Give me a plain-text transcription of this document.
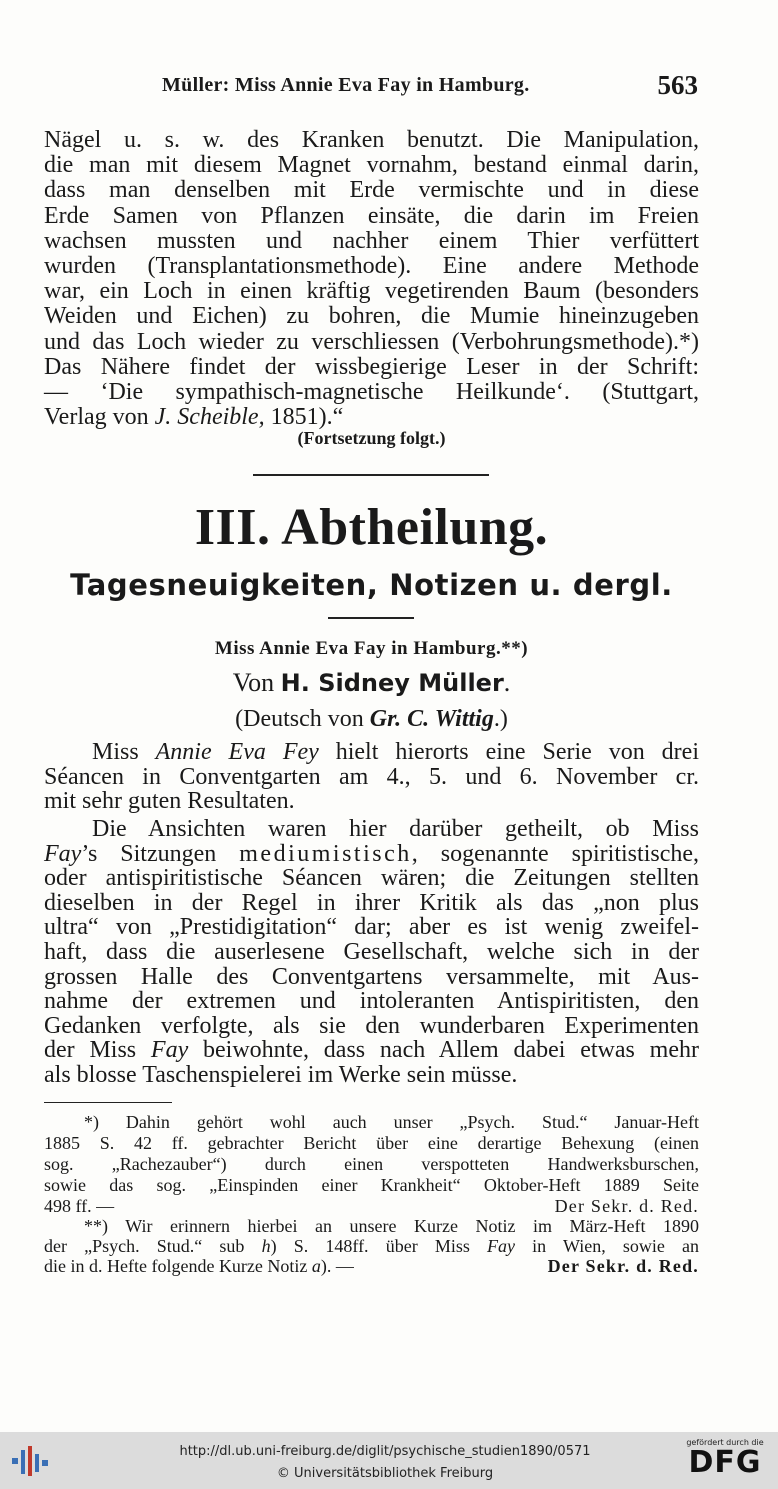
Müller: Miss Annie Eva Fay in Hamburg.	563
Nägel u. s. w. des Kranken benutzt. Die Manipulation,
die man mit diesem Magnet vornahm, bestand einmal darin,
dass man denselben mit Erde vermischte und in diese
Erde Samen von Pflanzen einsäte, die darin im Freien
wachsen mussten und nachher einem Thier verfüttert
wurden (Transplantationsmethode). Eine andere Methode
war, ein Loch in einen kräftig vegetirenden Baum (besonders
Weiden und Eichen) zu bohren, die Mumie hineinzugeben
und das Loch wieder zu verschliessen (Verbohrungsmethode).*)
Das Nähere findet der wissbegierige Leser in der Schrift:
— ‘Die sympathisch-magnetische Heilkunde‘. (Stuttgart,
Verlag von J. Scheible, 1851).“
(Fortsetzung folgt.)
III. Abtheilung.
Tagesneuigkeiten, Notizen u. dergl.
Miss Annie Eva Fay in Hamburg.**)
Von H. Sidney Müller.
(Deutsch von Gr. C. Wittig.)
Miss Annie Eva Fey hielt hierorts eine Serie von drei
Séancen in Conventgarten am 4., 5. und 6. November cr.
mit sehr guten Resultaten.
Die Ansichten waren hier darüber getheilt, ob Miss
Fay’s Sitzungen mediumistisch, sogenannte spiritistische,
oder antispiritistische Séancen wären; die Zeitungen stellten
dieselben in der Regel in ihrer Kritik als das „non plus
ultra“ von „Prestidigitation“ dar; aber es ist wenig zweifel-
haft, dass die auserlesene Gesellschaft, welche sich in der
grossen Halle des Conventgartens versammelte, mit Aus-
nahme der extremen und intoleranten Antispiritisten, den
Gedanken verfolgte, als sie den wunderbaren Experimenten
der Miss Fay beiwohnte, dass nach Allem dabei etwas mehr
als blosse Taschenspielerei im Werke sein müsse.
*) Dahin gehört wohl auch unser „Psych. Stud.“ Januar-Heft
1885 S. 42 ff. gebrachter Bericht über eine derartige Behexung (einen
sog. „Rachezauber“) durch einen verspotteten Handwerksburschen,
sowie das sog. „Einspinden einer Krankheit“ Oktober-Heft 1889 Seite
498 ff. —	Der Sekr. d. Red.
**) Wir erinnern hierbei an unsere Kurze Notiz im März-Heft 1890
der „Psych. Stud.“ sub h) S. 148ff. über Miss Fay in Wien, sowie an
die in d. Hefte folgende Kurze Notiz a). —	Der Sekr. d. Red.
http://dl.ub.uni-freiburg.de/diglit/psychische_studien1890/0571
© Universitätsbibliothek Freiburg
gefördert durch die
DFG
